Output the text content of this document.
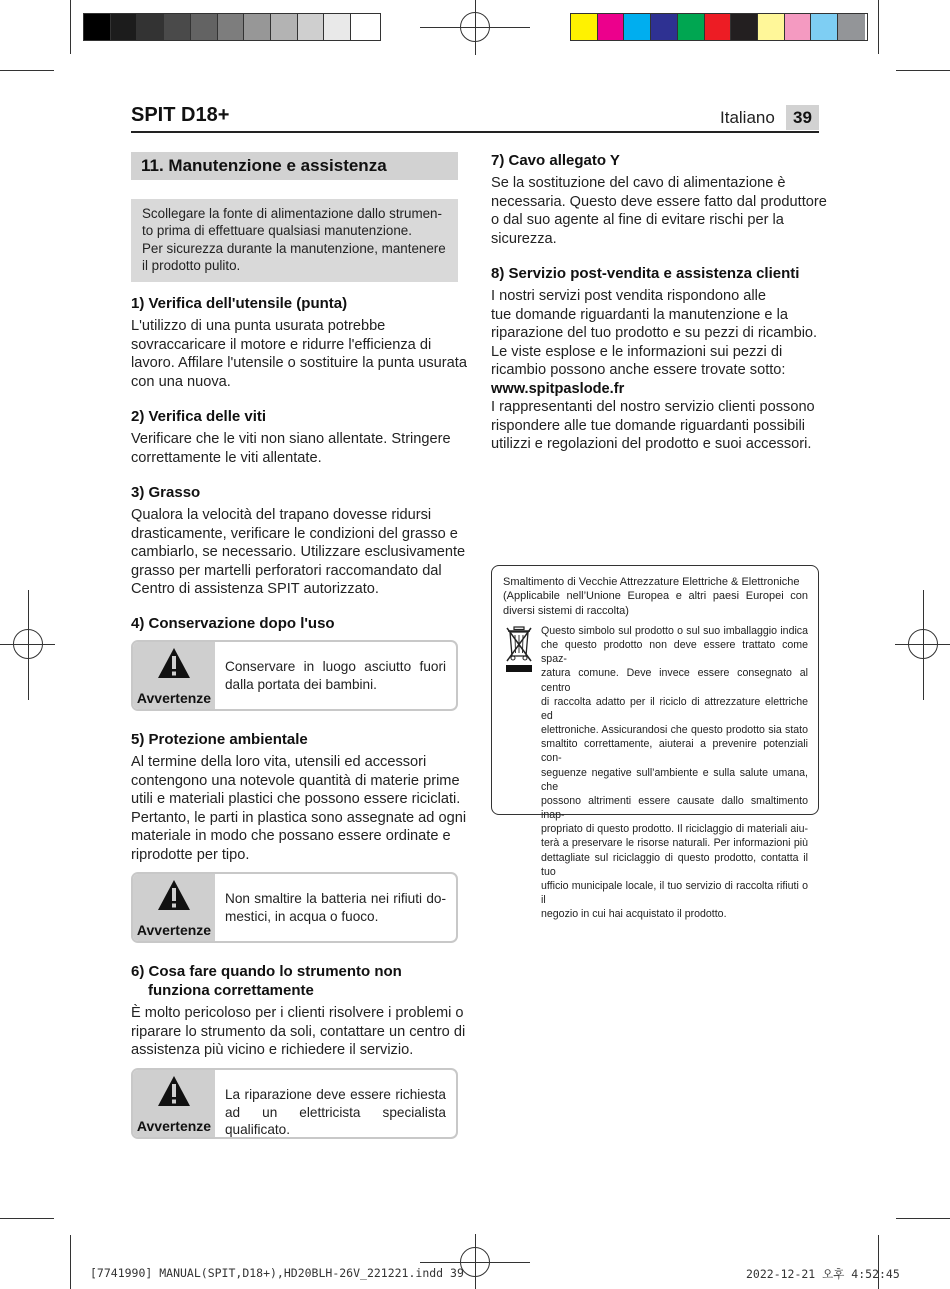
SPIT D18+	Italiano	39
11. Manutenzione e assistenza

Scollegare la fonte di alimentazione dallo strumen-

to prima di effettuare qualsiasi manutenzione.

Per sicurezza durante la manutenzione, mantenere

il prodotto pulito.

1) Verifica dell'utensile (punta)
L'utilizzo di una punta usurata potrebbe
sovraccaricare il motore e ridurre l'efficienza di
lavoro. Affilare l'utensile o sostituire la punta usurata
con una nuova.
2) Verifica delle viti
Verificare che le viti non siano allentate. Stringere
correttamente le viti allentate.
3) Grasso
Qualora la velocità del trapano dovesse ridursi
drasticamente, verificare le condizioni del grasso e
cambiarlo, se necessario. Utilizzare esclusivamente
grasso per martelli perforatori raccomandato dal
Centro di assistenza SPIT autorizzato.
4) Conservazione dopo l'uso
Avvertenze
Conservare in luogo asciutto fuori
dalla portata dei bambini.
5) Protezione ambientale
Al termine della loro vita, utensili ed accessori
contengono una notevole quantità di materie prime
utili e materiali plastici che possono essere riciclati.
Pertanto, le parti in plastica sono assegnate ad ogni
materiale in modo che possano essere ordinate e
riprodotte per tipo.
Avvertenze
Non smaltire la batteria nei rifiuti do-
mestici, in acqua o fuoco.
6) Cosa fare quando lo strumento non
funziona correttamente
È molto pericoloso per i clienti risolvere i problemi o
riparare lo strumento da soli, contattare un centro di
assistenza più vicino e richiedere il servizio.
Avvertenze
La riparazione deve essere richiesta
ad un elettricista specialista qualificato.
7) Cavo allegato Y
Se la sostituzione del cavo di alimentazione è
necessaria. Questo deve essere fatto dal produttore
o dal suo agente al fine di evitare rischi per la
sicurezza.
8) Servizio post-vendita e assistenza clienti
I nostri servizi post vendita rispondono alle
tue domande riguardanti la manutenzione e la
riparazione del tuo prodotto e su pezzi di ricambio.
Le viste esplose e le informazioni sui pezzi di
ricambio possono anche essere trovate sotto:
www.spitpaslode.fr
I rappresentanti del nostro servizio clienti possono
rispondere alle tue domande riguardanti possibili
utilizzi e regolazioni del prodotto e suoi accessori.
Smaltimento di Vecchie Attrezzature Elettriche & Elettroniche
(Applicabile nell’Unione Europea e altri paesi Europei con
diversi sistemi di raccolta)
Questo simbolo sul prodotto o sul suo imballaggio indica
che questo prodotto non deve essere trattato come spaz-
zatura comune. Deve invece essere consegnato al centro
di raccolta adatto per il riciclo di attrezzature elettriche ed
elettroniche. Assicurandosi che questo prodotto sia stato
smaltito correttamente, aiuterai a prevenire potenziali con-
seguenze negative sull’ambiente e sulla salute umana, che
possono altrimenti essere causate dallo smaltimento inap-
propriato di questo prodotto. Il riciclaggio di materiali aiu-
terà a preservare le risorse naturali. Per informazioni più
dettagliate sul riciclaggio di questo prodotto, contatta il tuo
ufficio municipale locale, il tuo servizio di raccolta rifiuti o il
negozio in cui hai acquistato il prodotto.
[7741990] MANUAL(SPIT,D18+),HD20BLH-26V_221221.indd 39	2022-12-21 오후 4:52:45
